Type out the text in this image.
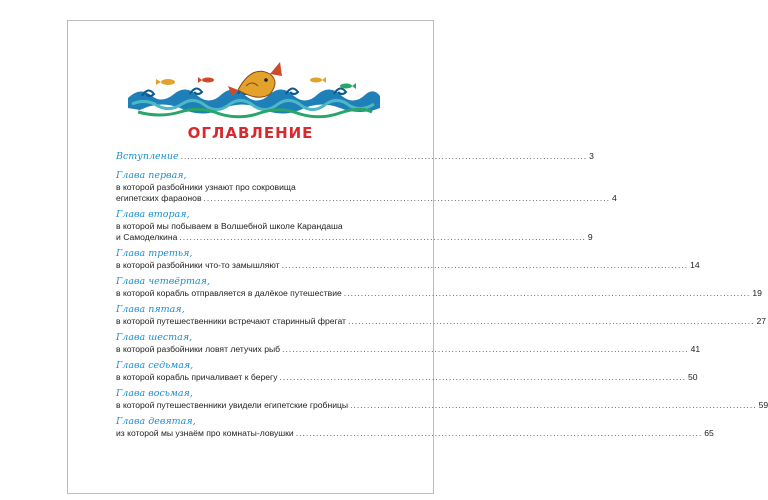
ОГЛАВЛЕНИЕ
Вступление ........................................................................................................................ 3
Глава первая,
в которой разбойники узнают про сокровища
египетских фараонов ........................................................................................................................ 4
Глава вторая,
в которой мы побываем в Волшебной школе Карандаша
и Самоделкина ........................................................................................................................ 9
Глава третья,
в которой разбойники что-то замышляют ........................................................................................................................ 14
Глава четвёртая,
в которой корабль отправляется в далёкое путешествие ........................................................................................................................ 19
Глава пятая,
в которой путешественники встречают старинный фрегат ........................................................................................................................ 27
Глава шестая,
в которой разбойники ловят летучих рыб ........................................................................................................................ 41
Глава седьмая,
в которой корабль причаливает к берегу ........................................................................................................................ 50
Глава восьмая,
в которой путешественники увидели египетские гробницы ........................................................................................................................ 59
Глава девятая,
из которой мы узнаём про комнаты-ловушки ........................................................................................................................ 65
